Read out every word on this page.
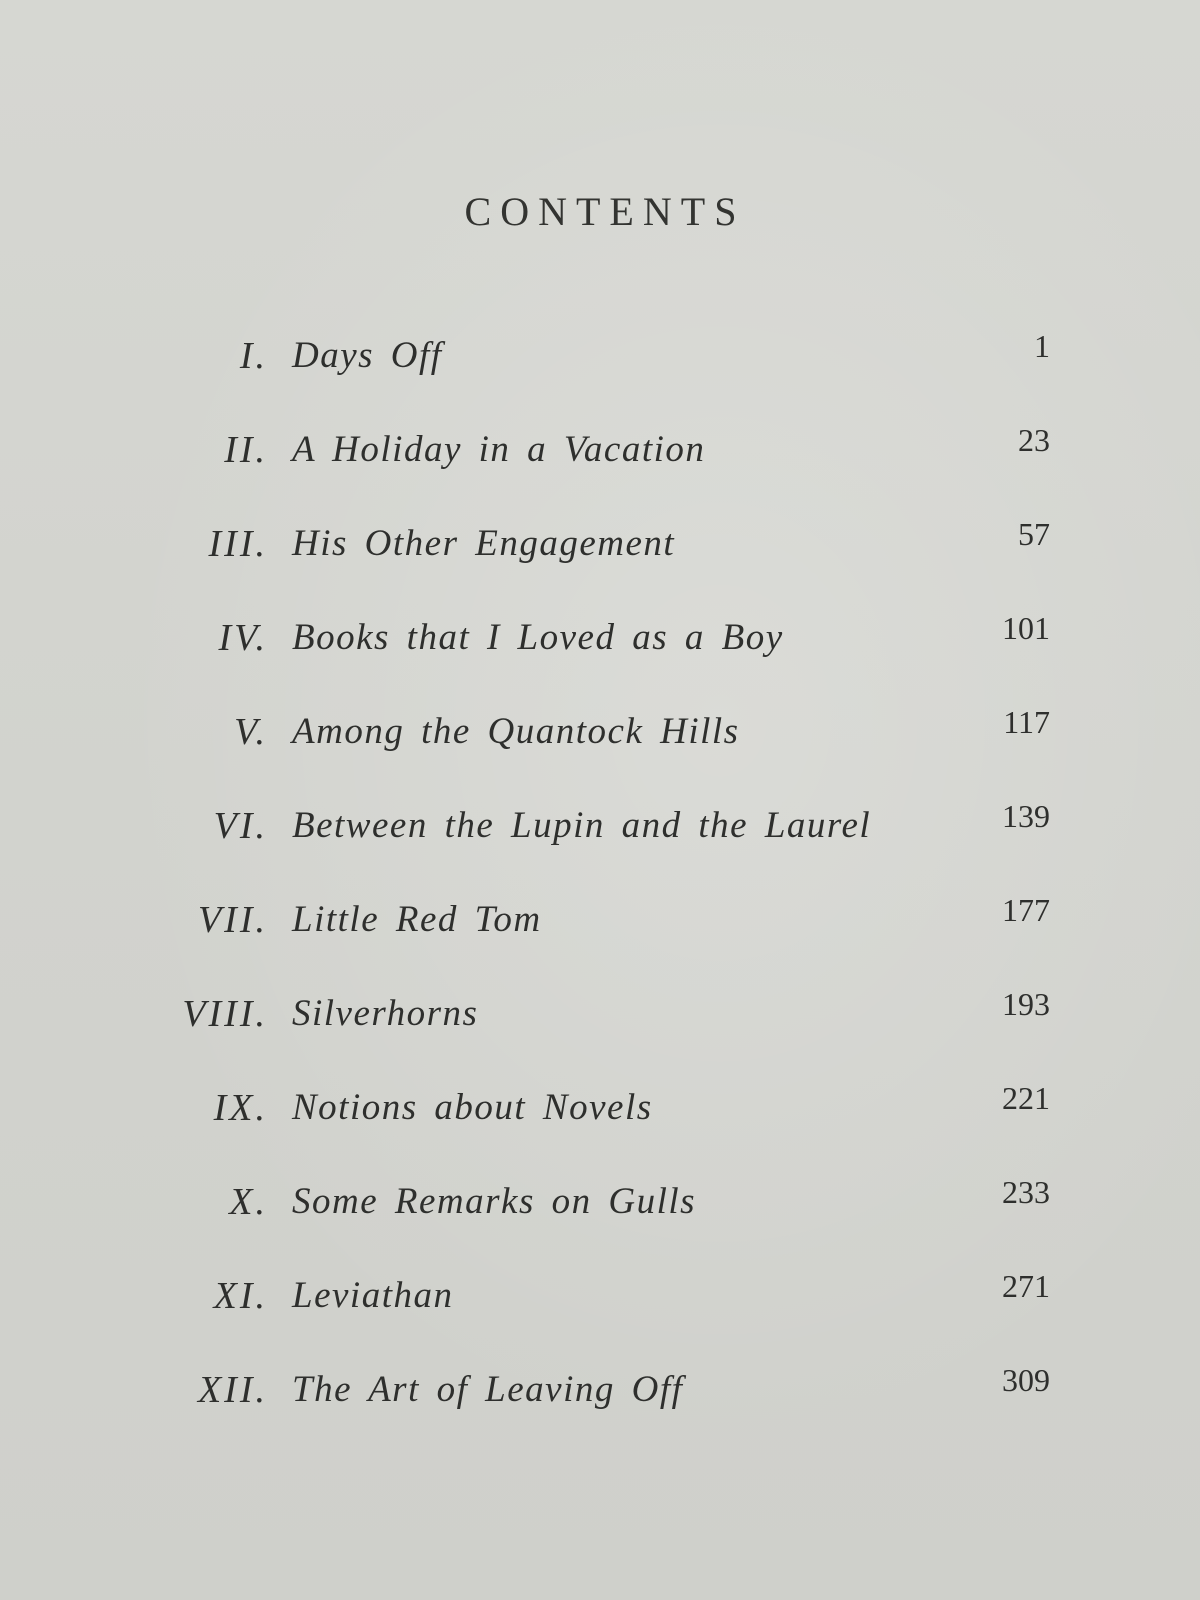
CONTENTS
I. Days Off	1
II. A Holiday in a Vacation	23
III. His Other Engagement	57
IV. Books that I Loved as a Boy	101
V. Among the Quantock Hills	117
VI. Between the Lupin and the Laurel	139
VII. Little Red Tom	177
VIII. Silverhorns	193
IX. Notions about Novels	221
X. Some Remarks on Gulls	233
XI. Leviathan	271
XII. The Art of Leaving Off	309
